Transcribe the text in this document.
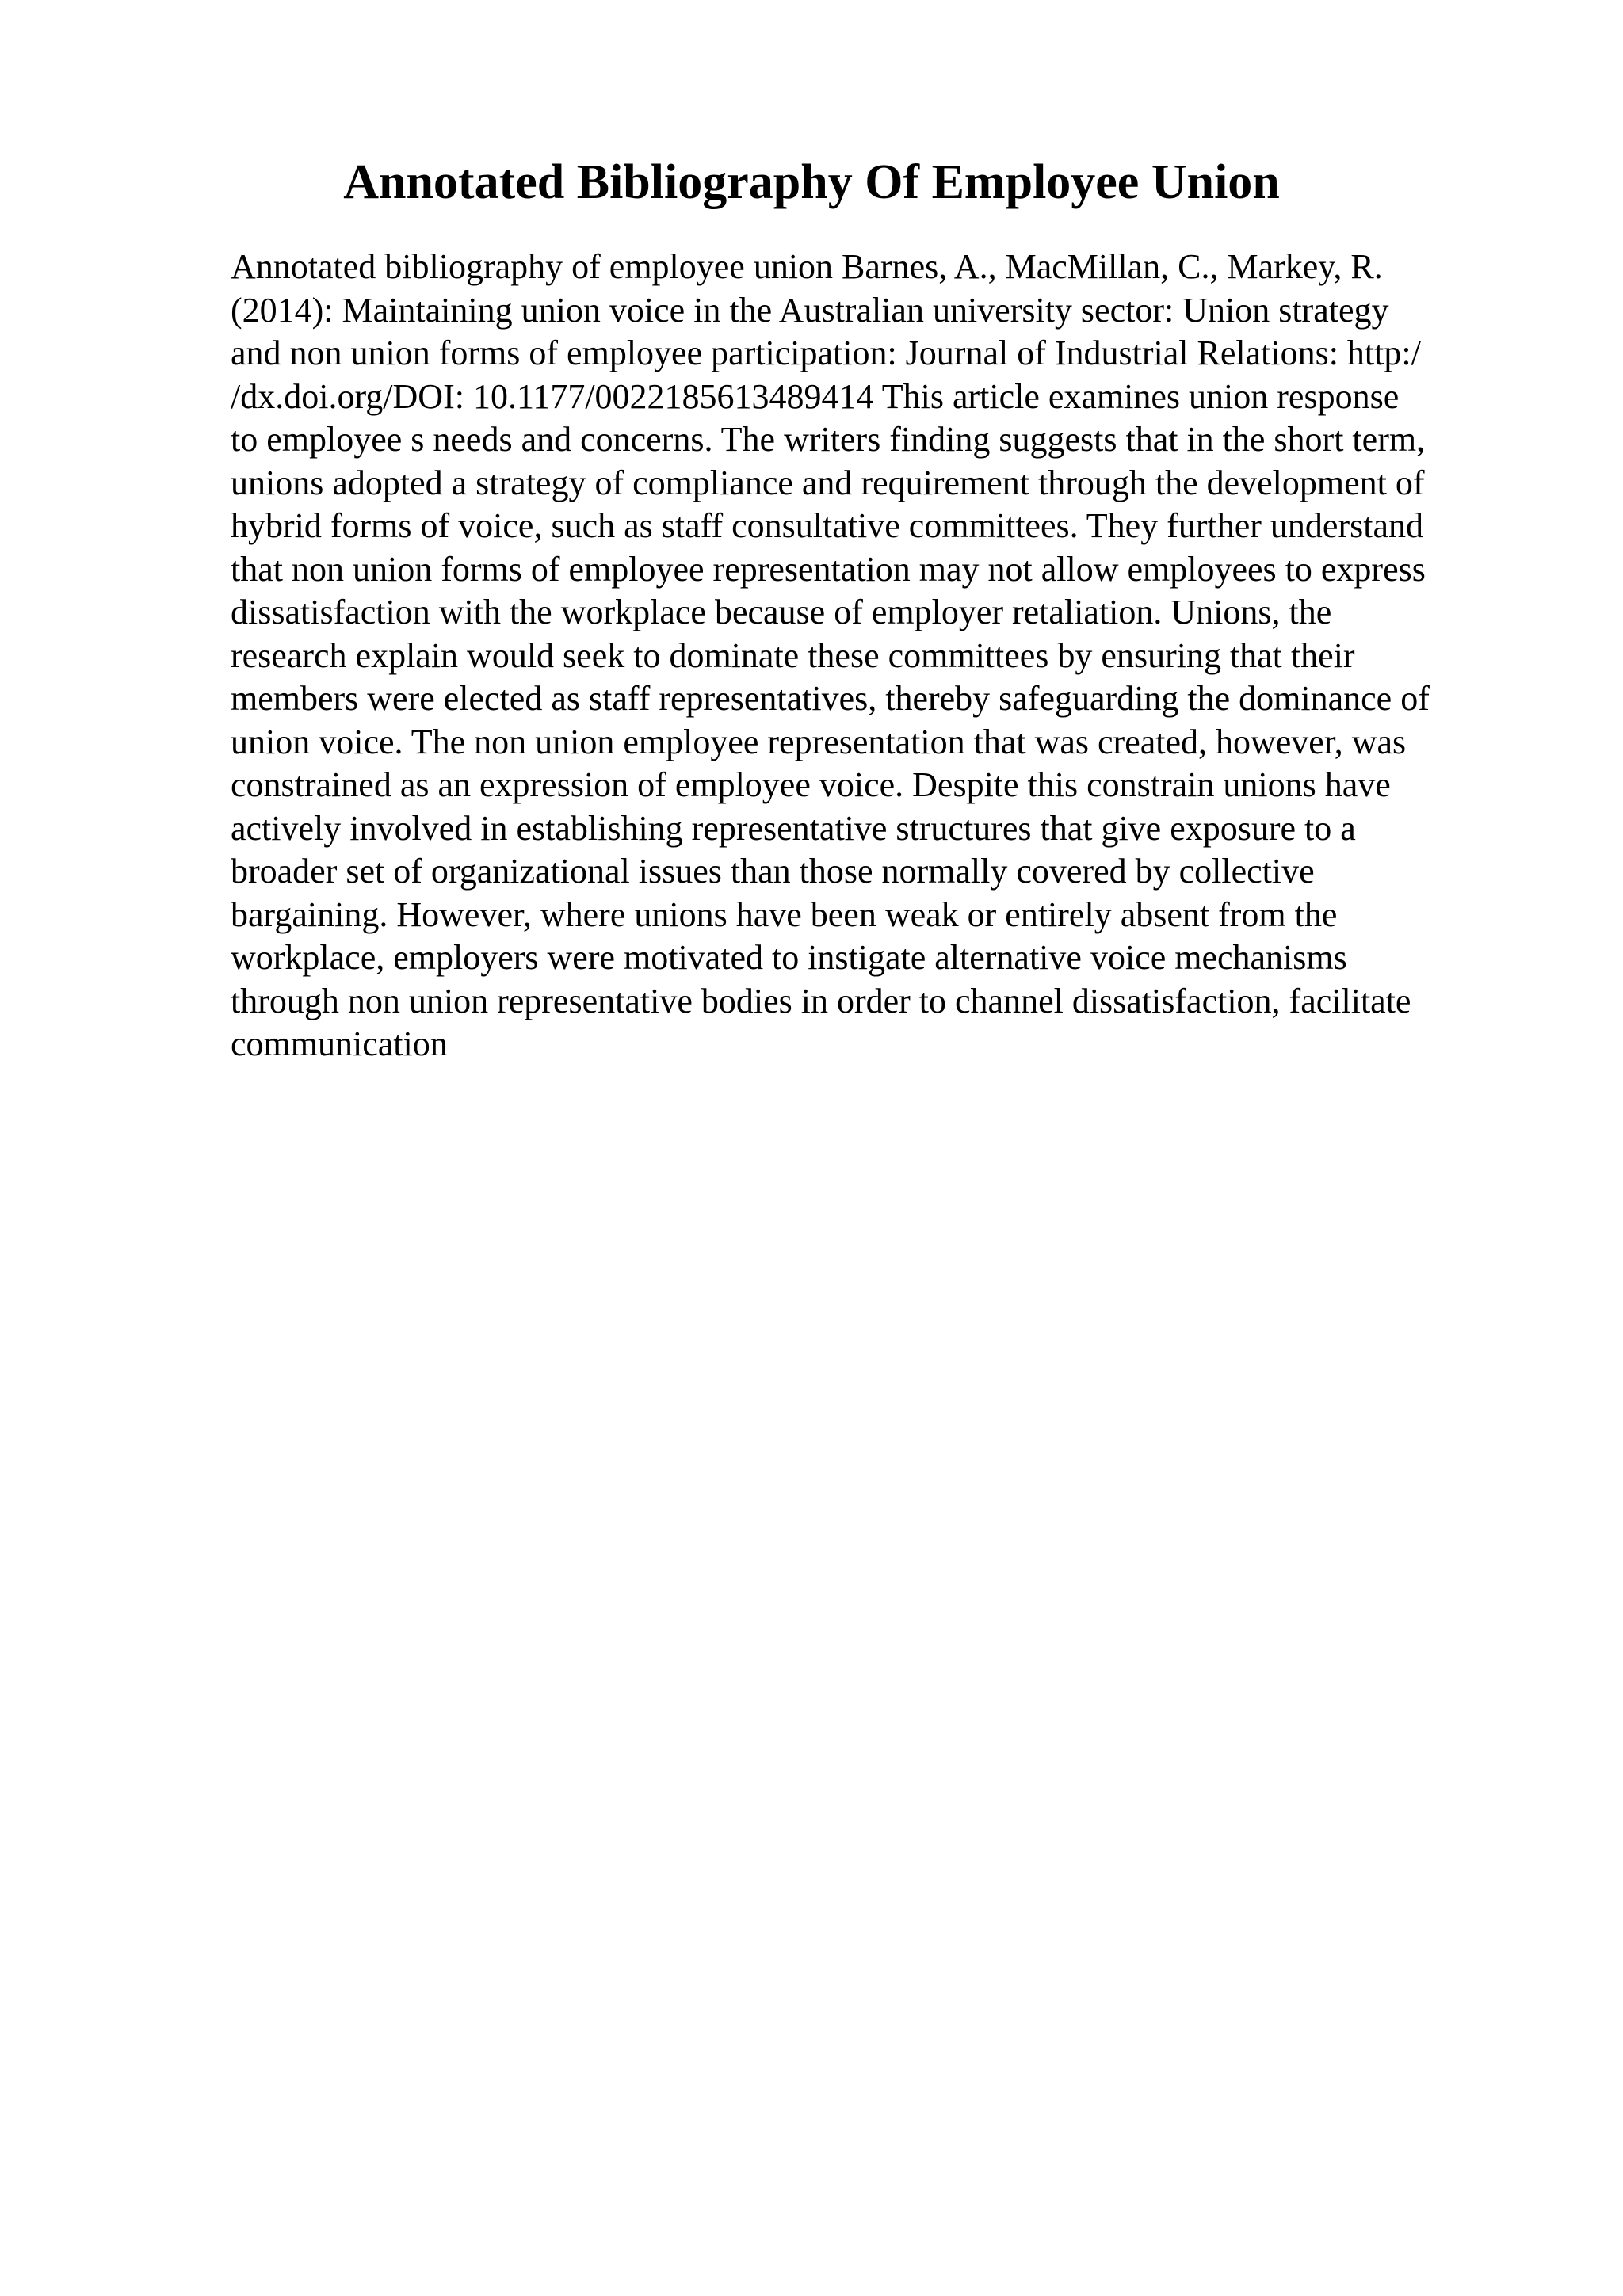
Annotated Bibliography Of Employee Union
Annotated bibliography of employee union Barnes, A., MacMillan, C., Markey, R.
(2014): Maintaining union voice in the Australian university sector: Union strategy
and non union forms of employee participation: Journal of Industrial Relations: http:/
/dx.doi.org/DOI: 10.1177/0022185613489414 This article examines union response
to employee s needs and concerns. The writers finding suggests that in the short term,
unions adopted a strategy of compliance and requirement through the development of
hybrid forms of voice, such as staff consultative committees. They further understand
that non union forms of employee representation may not allow employees to express
dissatisfaction with the workplace because of employer retaliation. Unions, the
research explain would seek to dominate these committees by ensuring that their
members were elected as staff representatives, thereby safeguarding the dominance of
union voice. The non union employee representation that was created, however, was
constrained as an expression of employee voice. Despite this constrain unions have
actively involved in establishing representative structures that give exposure to a
broader set of organizational issues than those normally covered by collective
bargaining. However, where unions have been weak or entirely absent from the
workplace, employers were motivated to instigate alternative voice mechanisms
through non union representative bodies in order to channel dissatisfaction, facilitate
communication
